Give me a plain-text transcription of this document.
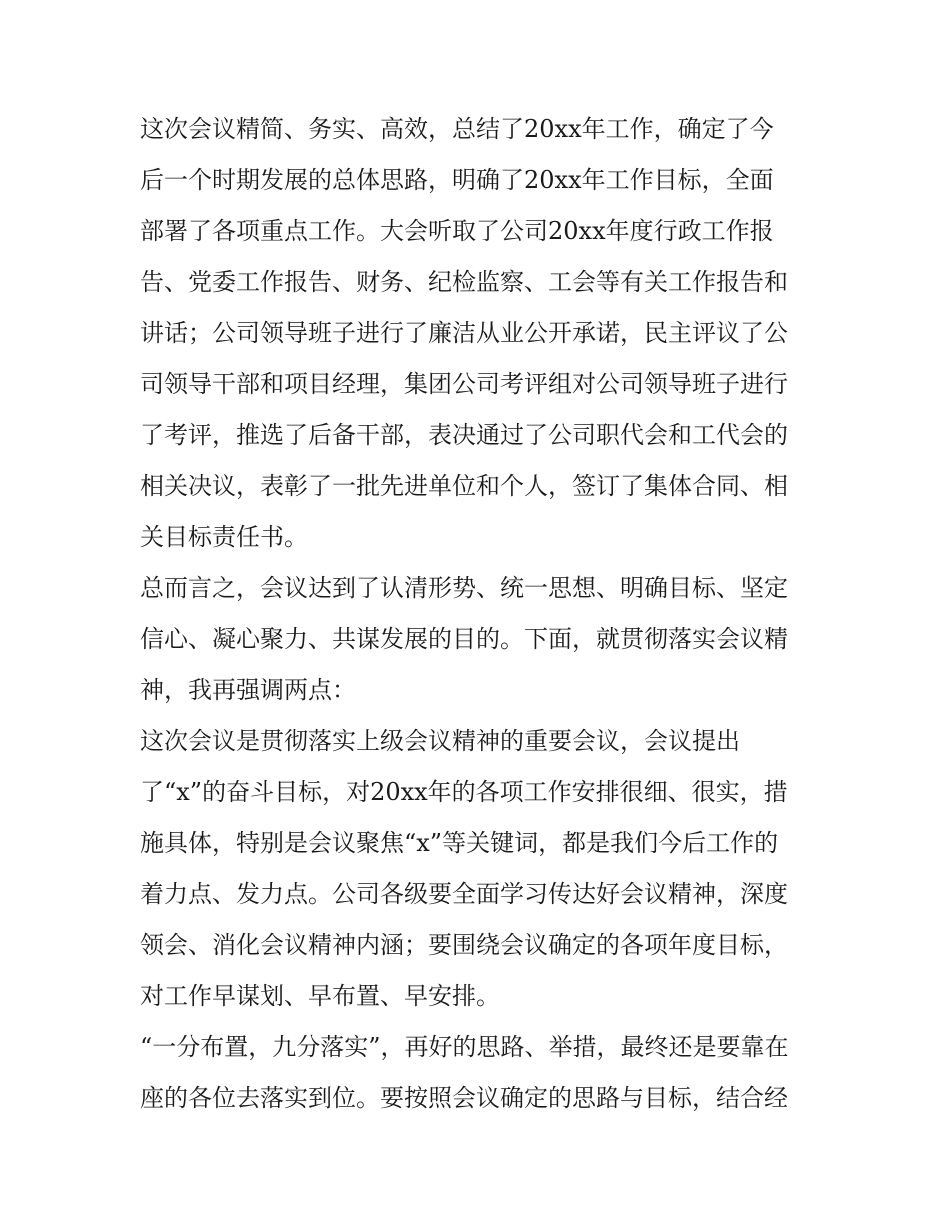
这次会议精简、务实、高效，总结了20xx年工作，确定了今
后一个时期发展的总体思路，明确了20xx年工作目标，全面
部署了各项重点工作。大会听取了公司20xx年度行政工作报
告、党委工作报告、财务、纪检监察、工会等有关工作报告和
讲话；公司领导班子进行了廉洁从业公开承诺，民主评议了公
司领导干部和项目经理，集团公司考评组对公司领导班子进行
了考评，推选了后备干部，表决通过了公司职代会和工代会的
相关决议，表彰了一批先进单位和个人，签订了集体合同、相
关目标责任书。
总而言之，会议达到了认清形势、统一思想、明确目标、坚定
信心、凝心聚力、共谋发展的目的。下面，就贯彻落实会议精
神，我再强调两点：
这次会议是贯彻落实上级会议精神的重要会议，会议提出
了“x”的奋斗目标，对20xx年的各项工作安排很细、很实，措
施具体，特别是会议聚焦“x”等关键词，都是我们今后工作的
着力点、发力点。公司各级要全面学习传达好会议精神，深度
领会、消化会议精神内涵；要围绕会议确定的各项年度目标，
对工作早谋划、早布置、早安排。
“一分布置，九分落实”，再好的思路、举措，最终还是要靠在
座的各位去落实到位。要按照会议确定的思路与目标，结合经
